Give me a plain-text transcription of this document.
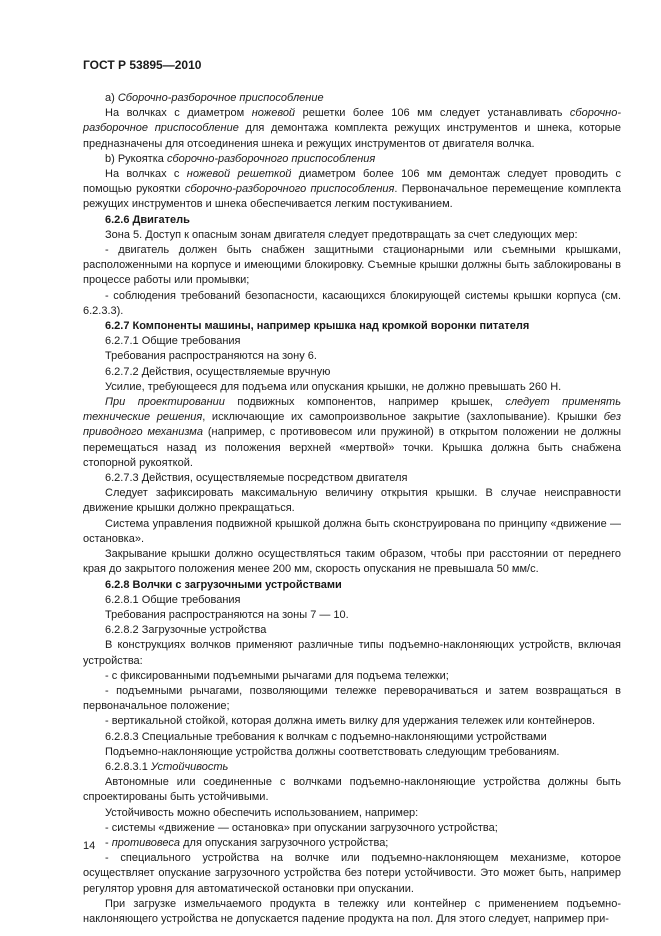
ГОСТ Р 53895—2010

a) Сборочно-разборочное приспособление

На волчках с диаметром ножевой решетки более 106 мм следует устанавливать сборочно-разборочное приспособление для демонтажа комплекта режущих инструментов и шнека, которые предназначены для отсоединения шнека и режущих инструментов от двигателя волчка.

b) Рукоятка сборочно-разборочного приспособления

На волчках с ножевой решеткой диаметром более 106 мм демонтаж следует проводить с помощью рукоятки сборочно-разборочного приспособления. Первоначальное перемещение комплекта режущих инструментов и шнека обеспечивается легким постукиванием.

6.2.6 Двигатель

Зона 5. Доступ к опасным зонам двигателя следует предотвращать за счет следующих мер:

- двигатель должен быть снабжен защитными стационарными или съемными крышками, расположенными на корпусе и имеющими блокировку. Съемные крышки должны быть заблокированы в процессе работы или промывки;

- соблюдения требований безопасности, касающихся блокирующей системы крышки корпуса (см. 6.2.3.3).

6.2.7 Компоненты машины, например крышка над кромкой воронки питателя

6.2.7.1 Общие требования

Требования распространяются на зону 6.

6.2.7.2 Действия, осуществляемые вручную

Усилие, требующееся для подъема или опускания крышки, не должно превышать 260 Н.

При проектировании подвижных компонентов, например крышек, следует применять технические решения, исключающие их самопроизвольное закрытие (захлопывание). Крышки без приводного механизма (например, с противовесом или пружиной) в открытом положении не должны перемещаться назад из положения верхней «мертвой» точки. Крышка должна быть снабжена стопорной рукояткой.

6.2.7.3 Действия, осуществляемые посредством двигателя

Следует зафиксировать максимальную величину открытия крышки. В случае неисправности движение крышки должно прекращаться.

Система управления подвижной крышкой должна быть сконструирована по принципу «движение — остановка».

Закрывание крышки должно осуществляться таким образом, чтобы при расстоянии от переднего края до закрытого положения менее 200 мм, скорость опускания не превышала 50 мм/с.

6.2.8 Волчки с загрузочными устройствами

6.2.8.1 Общие требования

Требования распространяются на зоны 7 — 10.

6.2.8.2 Загрузочные устройства

В конструкциях волчков применяют различные типы подъемно-наклоняющих устройств, включая устройства:

- с фиксированными подъемными рычагами для подъема тележки;

- подъемными рычагами, позволяющими тележке переворачиваться и затем возвращаться в первоначальное положение;

- вертикальной стойкой, которая должна иметь вилку для удержания тележек или контейнеров.

6.2.8.3 Специальные требования к волчкам с подъемно-наклоняющими устройствами

Подъемно-наклоняющие устройства должны соответствовать следующим требованиям.

6.2.8.3.1 Устойчивость

Автономные или соединенные с волчками подъемно-наклоняющие устройства должны быть спроектированы быть устойчивыми.

Устойчивость можно обеспечить использованием, например:

- системы «движение — остановка» при опускании загрузочного устройства;

- противовеса для опускания загрузочного устройства;

- специального устройства на волчке или подъемно-наклоняющем механизме, которое осуществляет опускание загрузочного устройства без потери устойчивости. Это может быть, например регулятор уровня для автоматической остановки при опускании.

При загрузке измельчаемого продукта в тележку или контейнер с применением подъемно-наклоняющего устройства не допускается падение продукта на пол. Для этого следует, например при-

14
